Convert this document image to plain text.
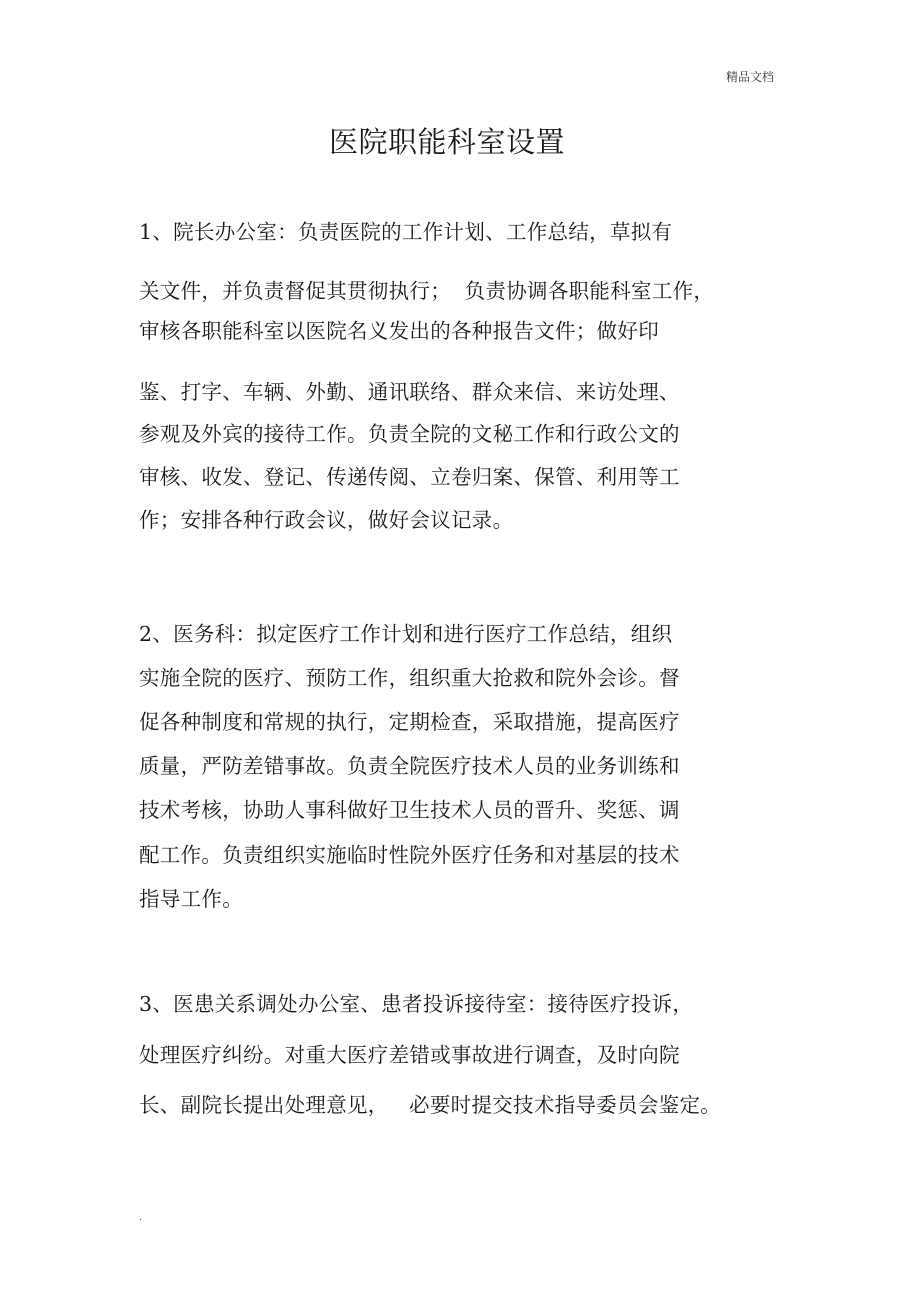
精品文档
医院职能科室设置
1、院长办公室：负责医院的工作计划、工作总结，草拟有
关文件，并负责督促其贯彻执行；  负责协调各职能科室工作，
审核各职能科室以医院名义发出的各种报告文件；做好印
鉴、打字、车辆、外勤、通讯联络、群众来信、来访处理、
参观及外宾的接待工作。负责全院的文秘工作和行政公文的
审核、收发、登记、传递传阅、立卷归案、保管、利用等工
作；安排各种行政会议，做好会议记录。
2、医务科：拟定医疗工作计划和进行医疗工作总结，组织
实施全院的医疗、预防工作，组织重大抢救和院外会诊。督
促各种制度和常规的执行，定期检查，采取措施，提高医疗
质量，严防差错事故。负责全院医疗技术人员的业务训练和
技术考核，协助人事科做好卫生技术人员的晋升、奖惩、调
配工作。负责组织实施临时性院外医疗任务和对基层的技术
指导工作。
3、医患关系调处办公室、患者投诉接待室：接待医疗投诉，
处理医疗纠纷。对重大医疗差错或事故进行调查，及时向院
长、副院长提出处理意见，   必要时提交技术指导委员会鉴定。
.
